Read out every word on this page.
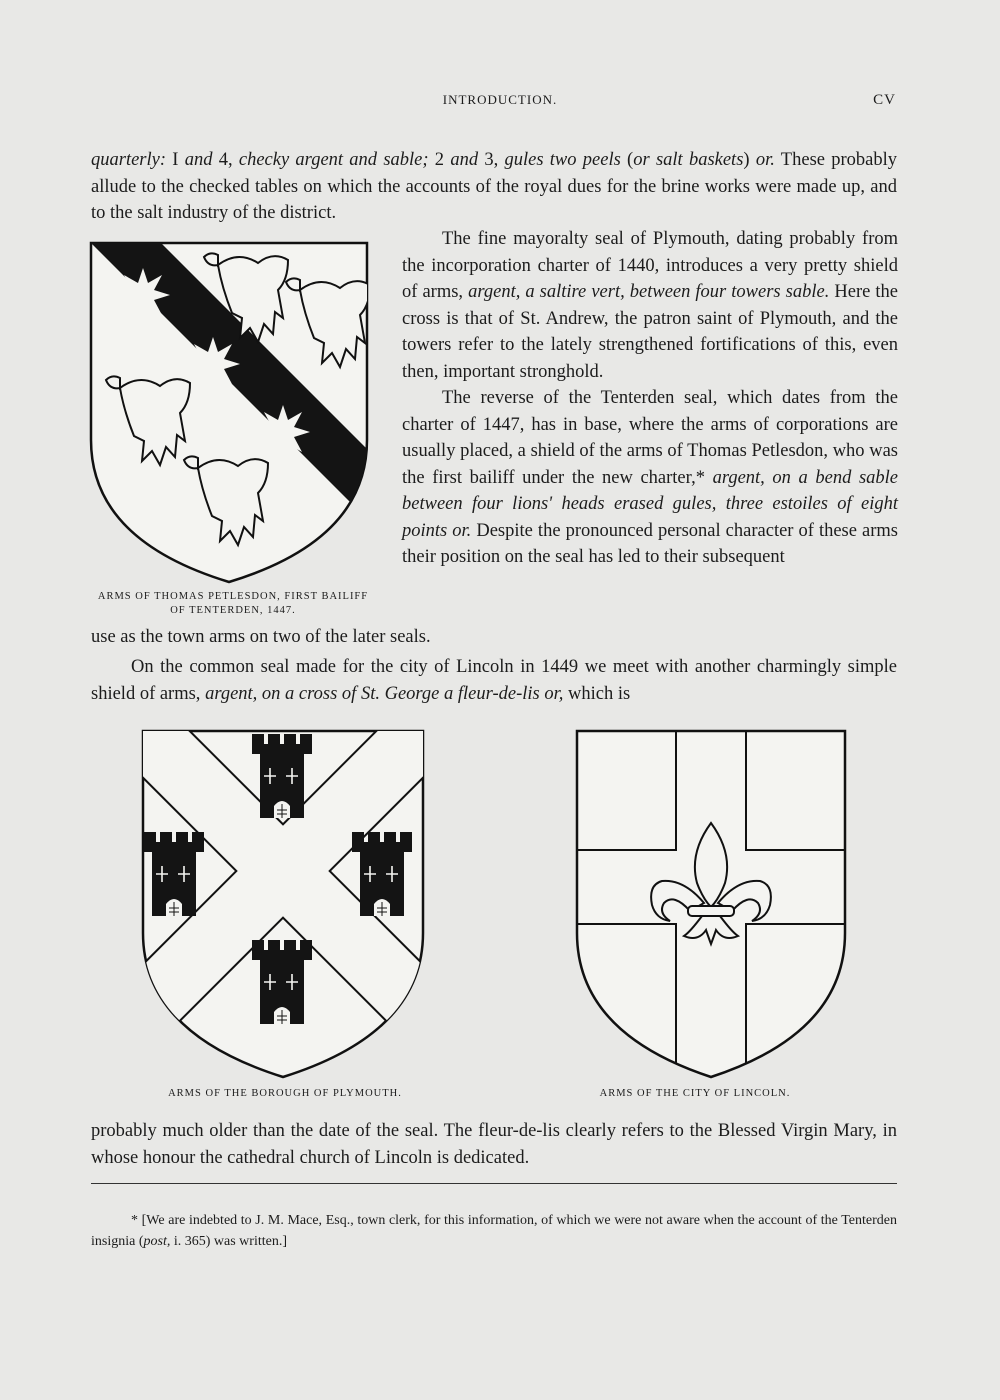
INTRODUCTION.	CV

quarterly: I and 4, checky argent and sable; 2 and 3, gules two peels (or salt baskets) or. These probably allude to the checked tables on which the accounts of the royal dues for the brine works were made up, and to the salt industry of the district.

The fine mayoralty seal of Plymouth, dating probably from the incorporation charter of 1440, introduces a very pretty shield of arms, argent, a saltire vert, between four towers sable. Here the cross is that of St. Andrew, the patron saint of Plymouth, and the towers refer to the lately strengthened fortifications of this, even then, important stronghold.

The reverse of the Tenterden seal, which dates from the charter of 1447, has in base, where the arms of corporations are usually placed, a shield of the arms of Thomas Petlesdon, who was the first bailiff under the new charter,* argent, on a bend sable between four lions' heads erased gules, three estoiles of eight points or. Despite the pronounced personal character of these arms their position on the seal has led to their subsequent

ARMS OF THOMAS PETLESDON, FIRST BAILIFF
OF TENTERDEN, 1447.

use as the town arms on two of the later seals.

On the common seal made for the city of Lincoln in 1449 we meet with another charmingly simple shield of arms, argent, on a cross of St. George a fleur-de-lis or, which is

ARMS OF THE BOROUGH OF PLYMOUTH.	ARMS OF THE CITY OF LINCOLN.

probably much older than the date of the seal. The fleur-de-lis clearly refers to the Blessed Virgin Mary, in whose honour the cathedral church of Lincoln is dedicated.

* [We are indebted to J. M. Mace, Esq., town clerk, for this information, of which we were not aware when the account of the Tenterden insignia (post, i. 365) was written.]
